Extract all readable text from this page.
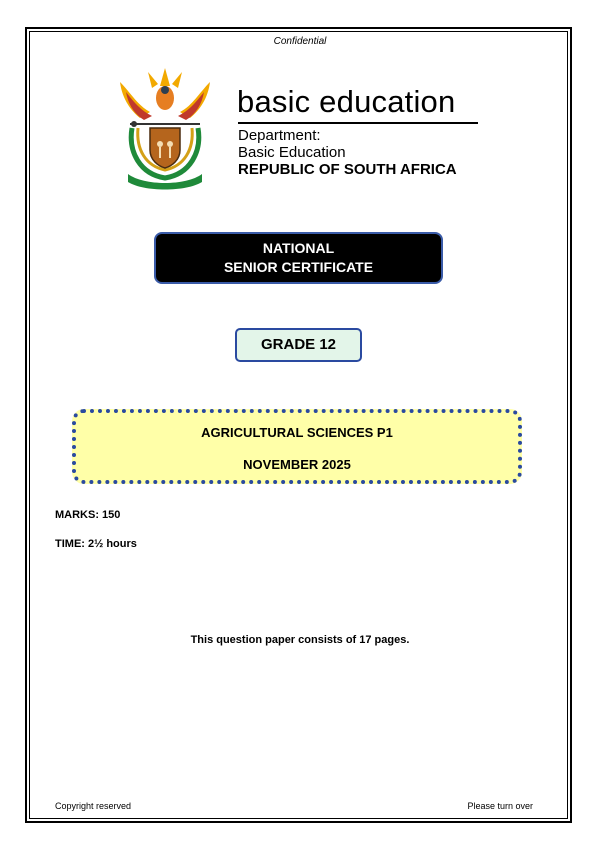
Confidential
basic education
Department:
Basic Education
REPUBLIC OF SOUTH AFRICA
NATIONAL
SENIOR CERTIFICATE
GRADE 12
AGRICULTURAL SCIENCES P1
NOVEMBER 2025
MARKS: 150
TIME: 2½ hours
This question paper consists of 17 pages.
Copyright reserved	Please turn over
